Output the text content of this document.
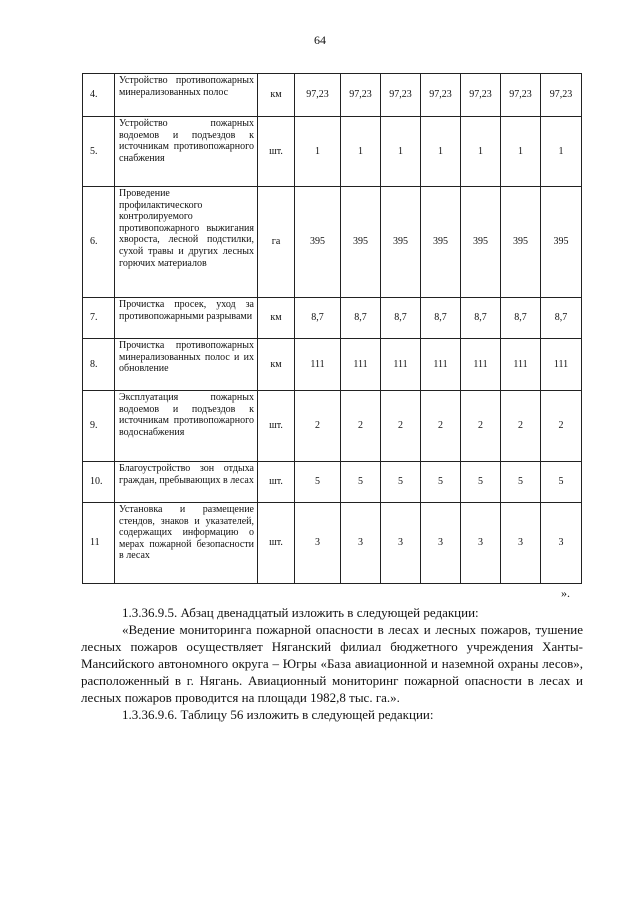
64
4.	Устройство противопожарных минерализованных полос	км	97,23	97,23	97,23	97,23	97,23	97,23	97,23
5.	Устройство пожарных водоемов и подъездов к источникам противопожарного снабжения	шт.	1	1	1	1	1	1	1
6.	Проведение профилактического контролируемого противопожарного выжигания хвороста, лесной подстилки, сухой травы и других лесных горючих материалов	га	395	395	395	395	395	395	395
7.	Прочистка просек, уход за противопожарными разрывами	км	8,7	8,7	8,7	8,7	8,7	8,7	8,7
8.	Прочистка противопожарных минерализованных полос и их обновление	км	111	111	111	111	111	111	111
9.	Эксплуатация пожарных водоемов и подъездов к источникам противопожарного водоснабжения	шт.	2	2	2	2	2	2	2
10.	Благоустройство зон отдыха граждан, пребывающих в лесах	шт.	5	5	5	5	5	5	5
11	Установка и размещение стендов, знаков и указателей, содержащих информацию о мерах пожарной безопасности в лесах	шт.	3	3	3	3	3	3	3
».

1.3.36.9.5. Абзац двенадцатый изложить в следующей редакции:

«Ведение мониторинга пожарной опасности в лесах и лесных пожаров, тушение лесных пожаров осуществляет Няганский филиал бюджетного учреждения Ханты-Мансийского автономного округа – Югры «База авиационной и наземной охраны лесов», расположенный в г. Нягань. Авиационный мониторинг пожарной опасности в лесах и лесных пожаров проводится на площади 1982,8 тыс. га.».

1.3.36.9.6. Таблицу 56 изложить в следующей редакции:
